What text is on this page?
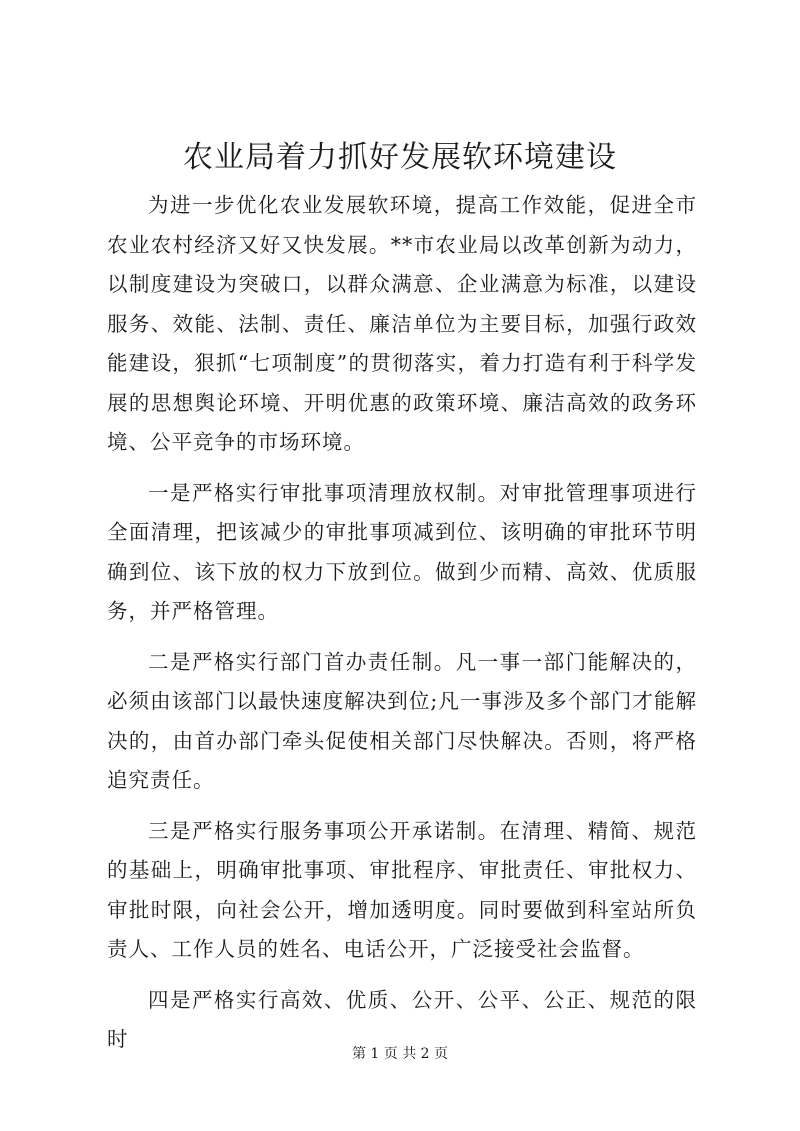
农业局着力抓好发展软环境建设

为进一步优化农业发展软环境，提高工作效能，促进全市农业农村经济又好又快发展。**市农业局以改革创新为动力，以制度建设为突破口，以群众满意、企业满意为标准，以建设服务、效能、法制、责任、廉洁单位为主要目标，加强行政效能建设，狠抓“七项制度”的贯彻落实，着力打造有利于科学发展的思想舆论环境、开明优惠的政策环境、廉洁高效的政务环境、公平竞争的市场环境。

一是严格实行审批事项清理放权制。对审批管理事项进行全面清理，把该减少的审批事项减到位、该明确的审批环节明确到位、该下放的权力下放到位。做到少而精、高效、优质服务，并严格管理。

二是严格实行部门首办责任制。凡一事一部门能解决的，必须由该部门以最快速度解决到位;凡一事涉及多个部门才能解决的，由首办部门牵头促使相关部门尽快解决。否则，将严格追究责任。

三是严格实行服务事项公开承诺制。在清理、精简、规范的基础上，明确审批事项、审批程序、审批责任、审批权力、审批时限，向社会公开，增加透明度。同时要做到科室站所负责人、工作人员的姓名、电话公开，广泛接受社会监督。

四是严格实行高效、优质、公开、公平、公正、规范的限时

第 1 页 共 2 页
